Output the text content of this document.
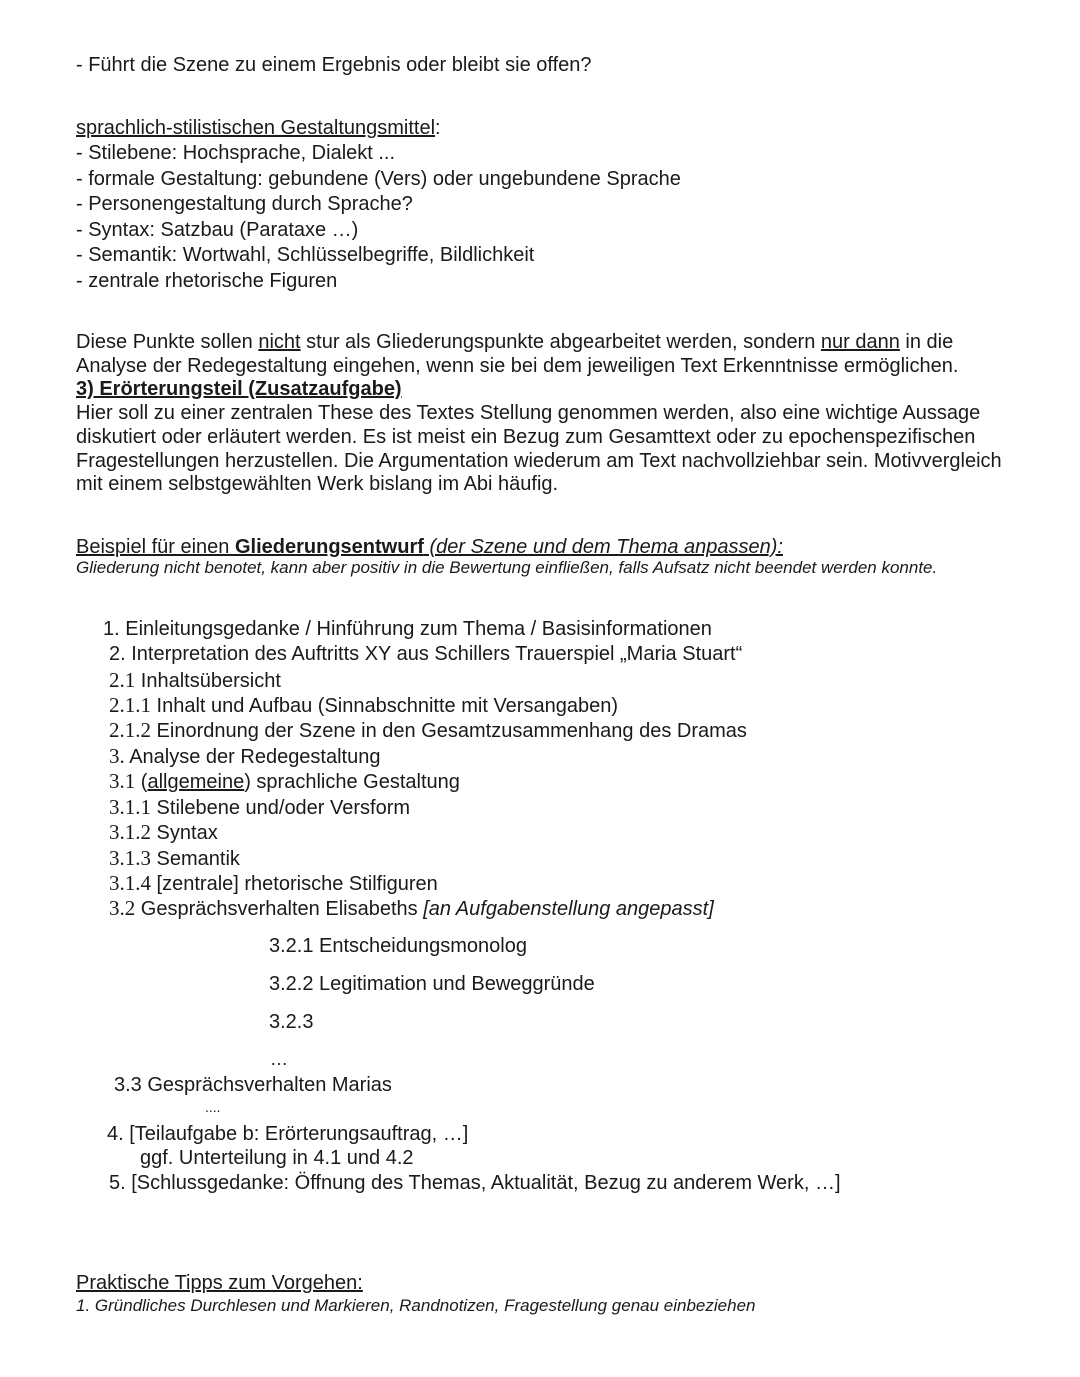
- Führt die Szene zu einem Ergebnis oder bleibt sie offen?
sprachlich-stilistischen Gestaltungsmittel:
- Stilebene: Hochsprache, Dialekt ...
- formale Gestaltung: gebundene (Vers) oder ungebundene Sprache
- Personengestaltung durch Sprache?
- Syntax: Satzbau (Parataxe …)
- Semantik: Wortwahl, Schlüsselbegriffe, Bildlichkeit
- zentrale rhetorische Figuren
Diese Punkte sollen nicht stur als Gliederungspunkte abgearbeitet werden, sondern nur dann in die
Analyse der Redegestaltung eingehen, wenn sie bei dem jeweiligen Text Erkenntnisse ermöglichen.
3) Erörterungsteil (Zusatzaufgabe)
Hier soll zu einer zentralen These des Textes Stellung genommen werden, also eine wichtige Aussage
diskutiert oder erläutert werden. Es ist meist ein Bezug zum Gesamttext oder zu epochenspezifischen
Fragestellungen herzustellen. Die Argumentation wiederum am Text nachvollziehbar sein. Motivvergleich
mit einem selbstgewählten Werk bislang im Abi häufig.
Beispiel für einen Gliederungsentwurf (der Szene und dem Thema anpassen):
Gliederung nicht benotet, kann aber positiv in die Bewertung einfließen, falls Aufsatz nicht beendet werden konnte.
1. Einleitungsgedanke / Hinführung zum Thema / Basisinformationen
2. Interpretation des Auftritts XY aus Schillers Trauerspiel „Maria Stuart“
2.1 Inhaltsübersicht
2.1.1 Inhalt und Aufbau (Sinnabschnitte mit Versangaben)
2.1.2 Einordnung der Szene in den Gesamtzusammenhang des Dramas
3. Analyse der Redegestaltung
3.1 (allgemeine) sprachliche Gestaltung
3.1.1 Stilebene und/oder Versform
3.1.2 Syntax
3.1.3 Semantik
3.1.4 [zentrale] rhetorische Stilfiguren
3.2 Gesprächsverhalten Elisabeths [an Aufgabenstellung angepasst]
3.2.1 Entscheidungsmonolog
3.2.2 Legitimation und Beweggründe
3.2.3
…
3.3 Gesprächsverhalten Marias
....
4. [Teilaufgabe b: Erörterungsauftrag, …]
ggf. Unterteilung in 4.1 und 4.2
5. [Schlussgedanke: Öffnung des Themas, Aktualität, Bezug zu anderem Werk, …]
Praktische Tipps zum Vorgehen:
1. Gründliches Durchlesen und Markieren, Randnotizen, Fragestellung genau einbeziehen
